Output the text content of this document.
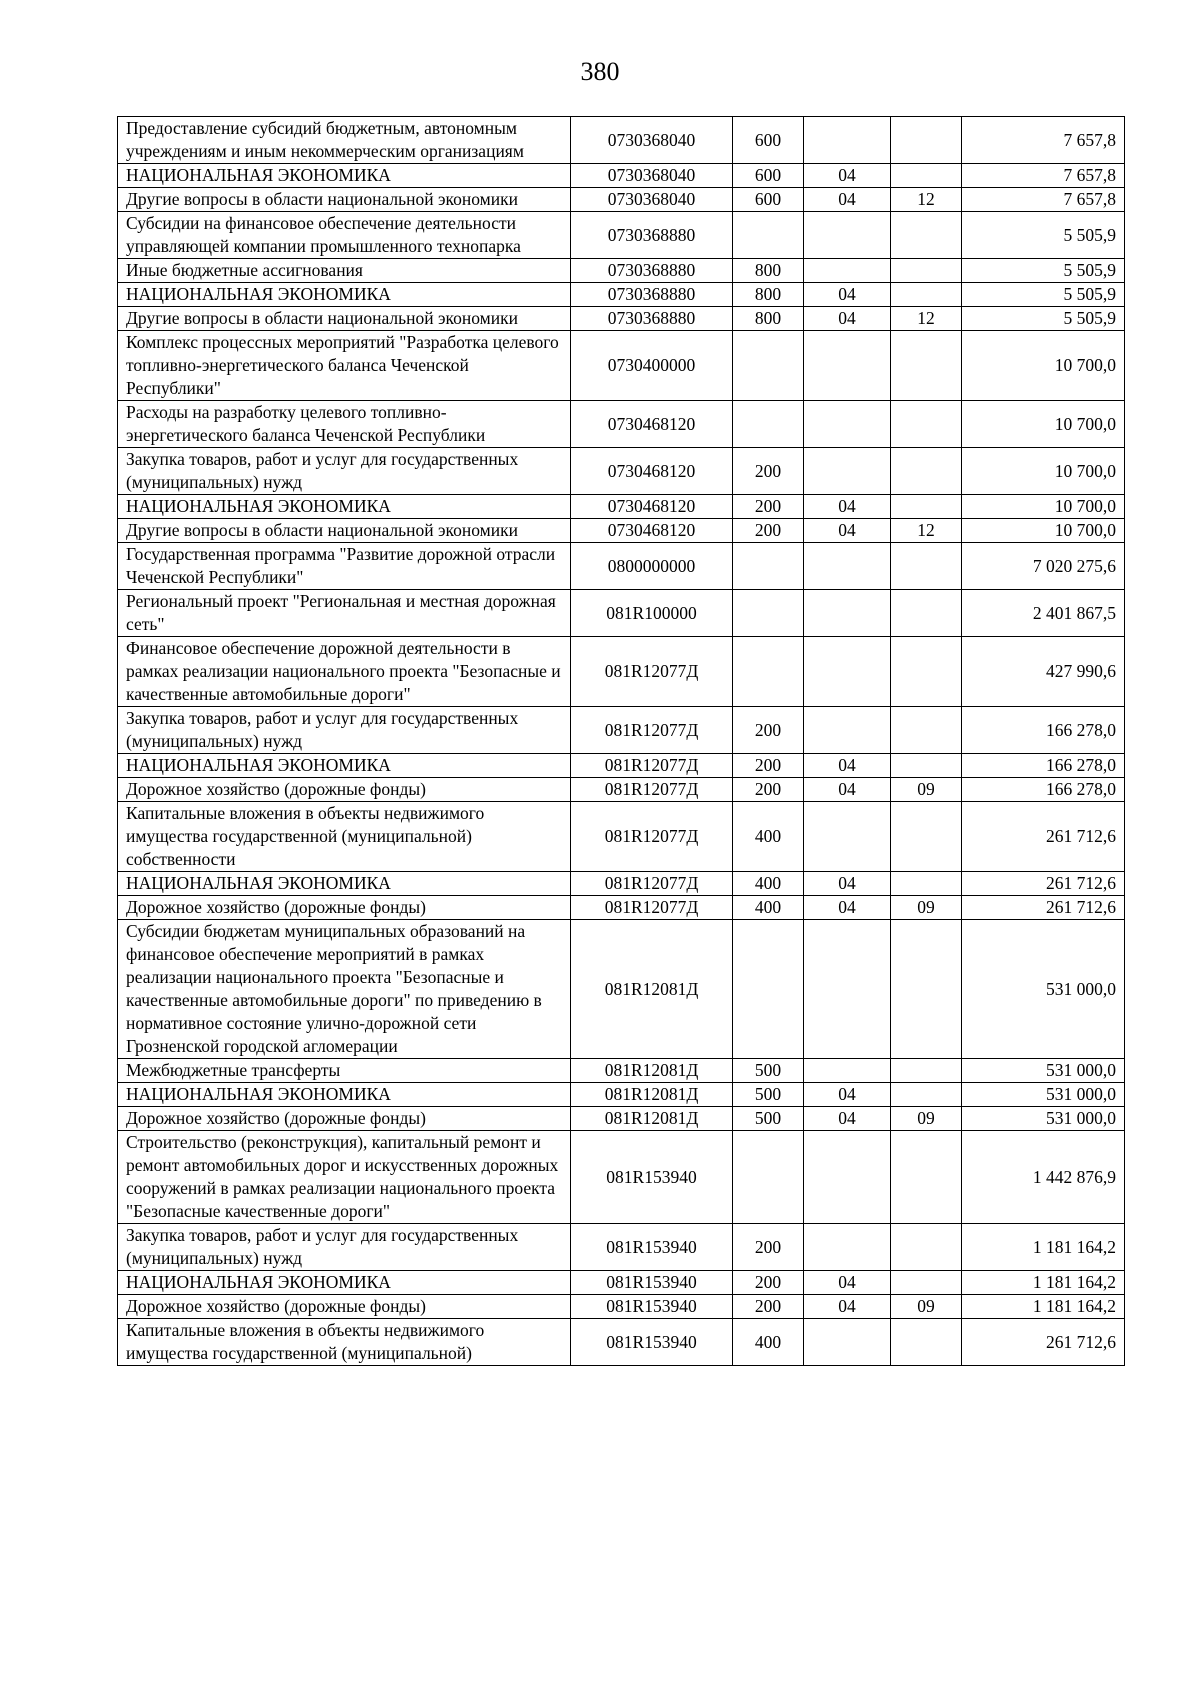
380
Предоставление субсидий бюджетным, автономным учреждениям и иным некоммерческим организациям	0730368040	600			7 657,8
НАЦИОНАЛЬНАЯ ЭКОНОМИКА	0730368040	600	04		7 657,8
Другие вопросы в области национальной экономики	0730368040	600	04	12	7 657,8
Субсидии на финансовое обеспечение деятельности управляющей компании промышленного технопарка	0730368880				5 505,9
Иные бюджетные ассигнования	0730368880	800			5 505,9
НАЦИОНАЛЬНАЯ ЭКОНОМИКА	0730368880	800	04		5 505,9
Другие вопросы в области национальной экономики	0730368880	800	04	12	5 505,9
Комплекс процессных мероприятий "Разработка целевого топливно-энергетического баланса Чеченской Республики"	0730400000				10 700,0
Расходы на разработку целевого топливно-энергетического баланса Чеченской Республики	0730468120				10 700,0
Закупка товаров, работ и услуг для государственных (муниципальных) нужд	0730468120	200			10 700,0
НАЦИОНАЛЬНАЯ ЭКОНОМИКА	0730468120	200	04		10 700,0
Другие вопросы в области национальной экономики	0730468120	200	04	12	10 700,0
Государственная программа "Развитие дорожной отрасли Чеченской Республики"	0800000000				7 020 275,6
Региональный проект "Региональная и местная дорожная сеть"	081R100000				2 401 867,5
Финансовое обеспечение дорожной деятельности в рамках реализации национального проекта "Безопасные и качественные автомобильные дороги"	081R12077Д				427 990,6
Закупка товаров, работ и услуг для государственных (муниципальных) нужд	081R12077Д	200			166 278,0
НАЦИОНАЛЬНАЯ ЭКОНОМИКА	081R12077Д	200	04		166 278,0
Дорожное хозяйство (дорожные фонды)	081R12077Д	200	04	09	166 278,0
Капитальные вложения в объекты недвижимого имущества государственной (муниципальной) собственности	081R12077Д	400			261 712,6
НАЦИОНАЛЬНАЯ ЭКОНОМИКА	081R12077Д	400	04		261 712,6
Дорожное хозяйство (дорожные фонды)	081R12077Д	400	04	09	261 712,6
Субсидии бюджетам муниципальных образований на финансовое обеспечение мероприятий в рамках реализации национального проекта "Безопасные и качественные автомобильные дороги" по приведению в нормативное состояние улично-дорожной сети Грозненской городской агломерации	081R12081Д				531 000,0
Межбюджетные трансферты	081R12081Д	500			531 000,0
НАЦИОНАЛЬНАЯ ЭКОНОМИКА	081R12081Д	500	04		531 000,0
Дорожное хозяйство (дорожные фонды)	081R12081Д	500	04	09	531 000,0
Строительство (реконструкция), капитальный ремонт и ремонт автомобильных дорог и искусственных дорожных сооружений в рамках реализации национального проекта "Безопасные качественные дороги"	081R153940				1 442 876,9
Закупка товаров, работ и услуг для государственных (муниципальных) нужд	081R153940	200			1 181 164,2
НАЦИОНАЛЬНАЯ ЭКОНОМИКА	081R153940	200	04		1 181 164,2
Дорожное хозяйство (дорожные фонды)	081R153940	200	04	09	1 181 164,2
Капитальные вложения в объекты недвижимого имущества государственной (муниципальной)	081R153940	400			261 712,6
